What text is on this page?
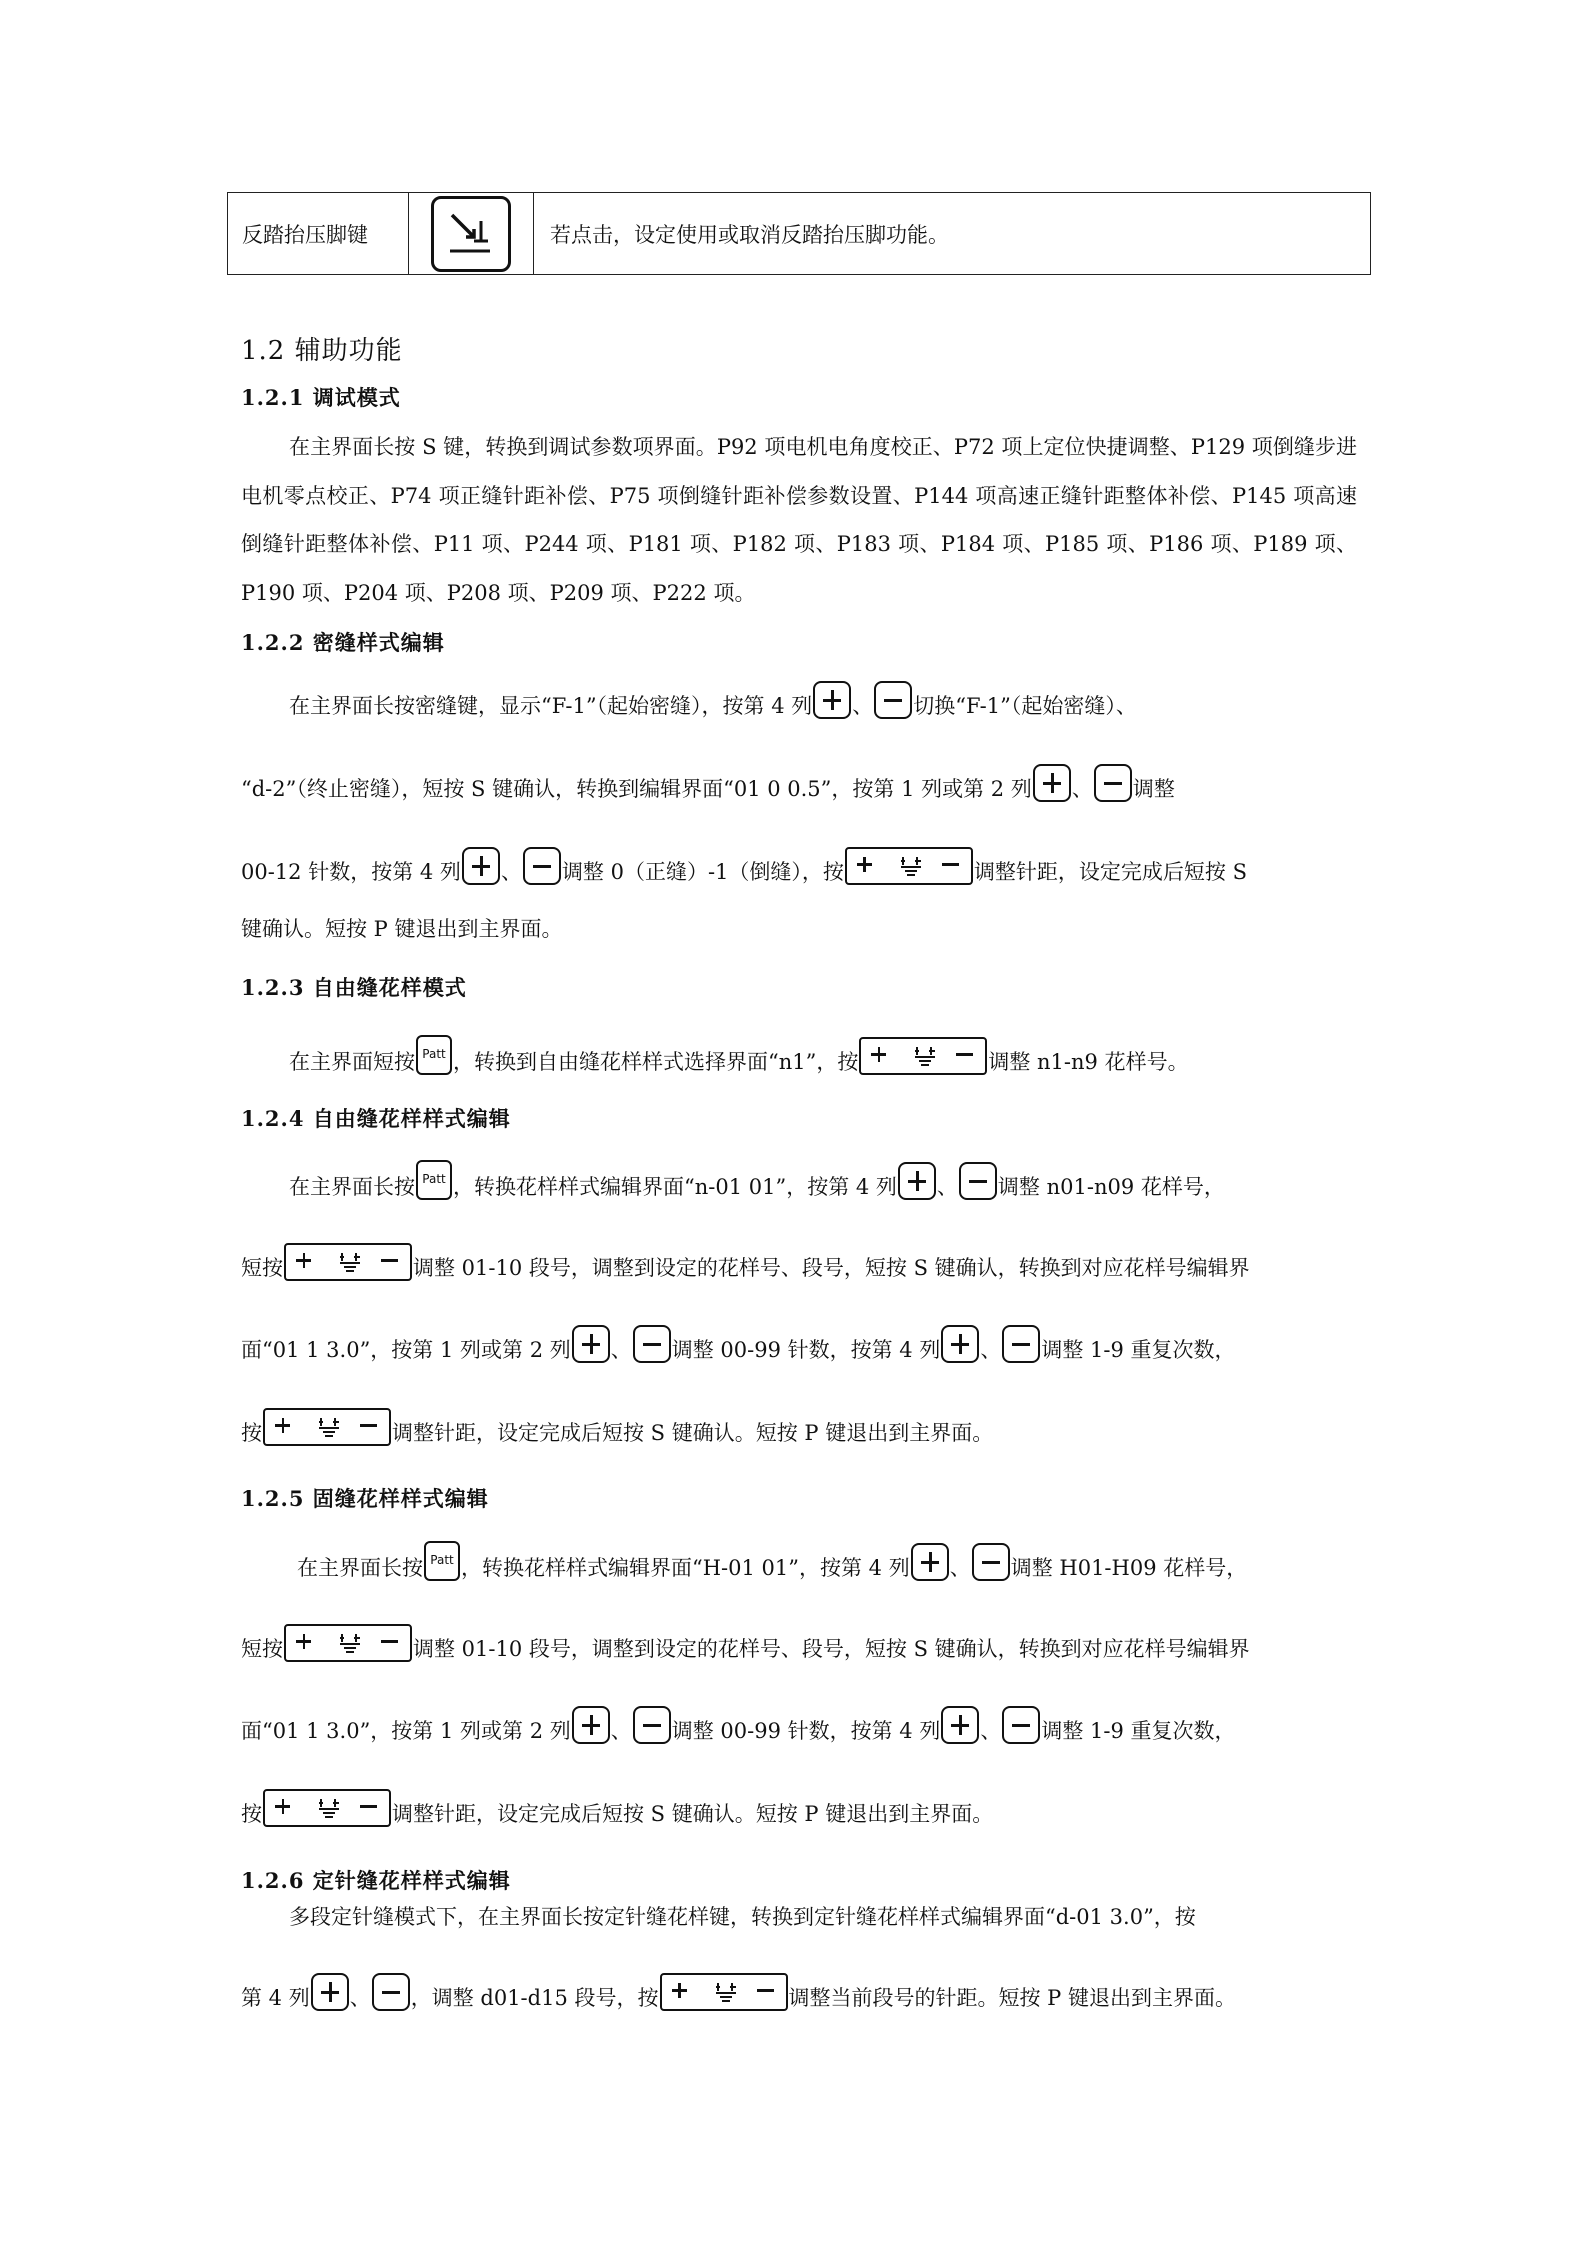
反踏抬压脚键	若点击，设定使用或取消反踏抬压脚功能。
1.2 辅助功能
1.2.1 调试模式

在主界面长按 S 键，转换到调试参数项界面。P92 项电机电角度校正、P72 项上定位快捷调整、P129 项倒缝步进电机零点校正、P74 项正缝针距补偿、P75 项倒缝针距补偿参数设置、P144 项高速正缝针距整体补偿、P145 项高速倒缝针距整体补偿、P11 项、P244 项、P181 项、P182 项、P183 项、P184 项、P185 项、P186 项、P189 项、P190 项、P204 项、P208 项、P209 项、P222 项。

1.2.2 密缝样式编辑
在主界面长按密缝键，显示“F-1”（起始密缝），按第 4 列 、 切换“F-1”（起始密缝）、
“d-2”（终止密缝），短按 S 键确认，转换到编辑界面“01 0 0.5”，按第 1 列或第 2 列 、 调整
00-12 针数，按第 4 列 、 调整 0（正缝）-1（倒缝），按	调整针距，设定完成后短按 S
键确认。短按 P 键退出到主界面。
1.2.3 自由缝花样模式
在主界面短按 Patt ，转换到自由缝花样样式选择界面“n1”，按	调整 n1-n9 花样号。
1.2.4 自由缝花样样式编辑
在主界面长按 Patt ，转换花样样式编辑界面“n-01 01”，按第 4 列 、 调整 n01-n09 花样号，
短按	调整 01-10 段号，调整到设定的花样号、段号，短按 S 键确认，转换到对应花样号编辑界
面“01 1 3.0”，按第 1 列或第 2 列 、 调整 00-99 针数，按第 4 列 、 调整 1-9 重复次数，
按	调整针距，设定完成后短按 S 键确认。短按 P 键退出到主界面。
1.2.5 固缝花样样式编辑
在主界面长按 Patt ，转换花样样式编辑界面“H-01 01”，按第 4 列 、 调整 H01-H09 花样号，
短按	调整 01-10 段号，调整到设定的花样号、段号，短按 S 键确认，转换到对应花样号编辑界
面“01 1 3.0”，按第 1 列或第 2 列 、 调整 00-99 针数，按第 4 列 、 调整 1-9 重复次数，
按	调整针距，设定完成后短按 S 键确认。短按 P 键退出到主界面。
1.2.6 定针缝花样样式编辑
多段定针缝模式下，在主界面长按定针缝花样键，转换到定针缝花样样式编辑界面“d-01 3.0”，按
第 4 列 、 ，调整 d01-d15 段号，按	调整当前段号的针距。短按 P 键退出到主界面。
